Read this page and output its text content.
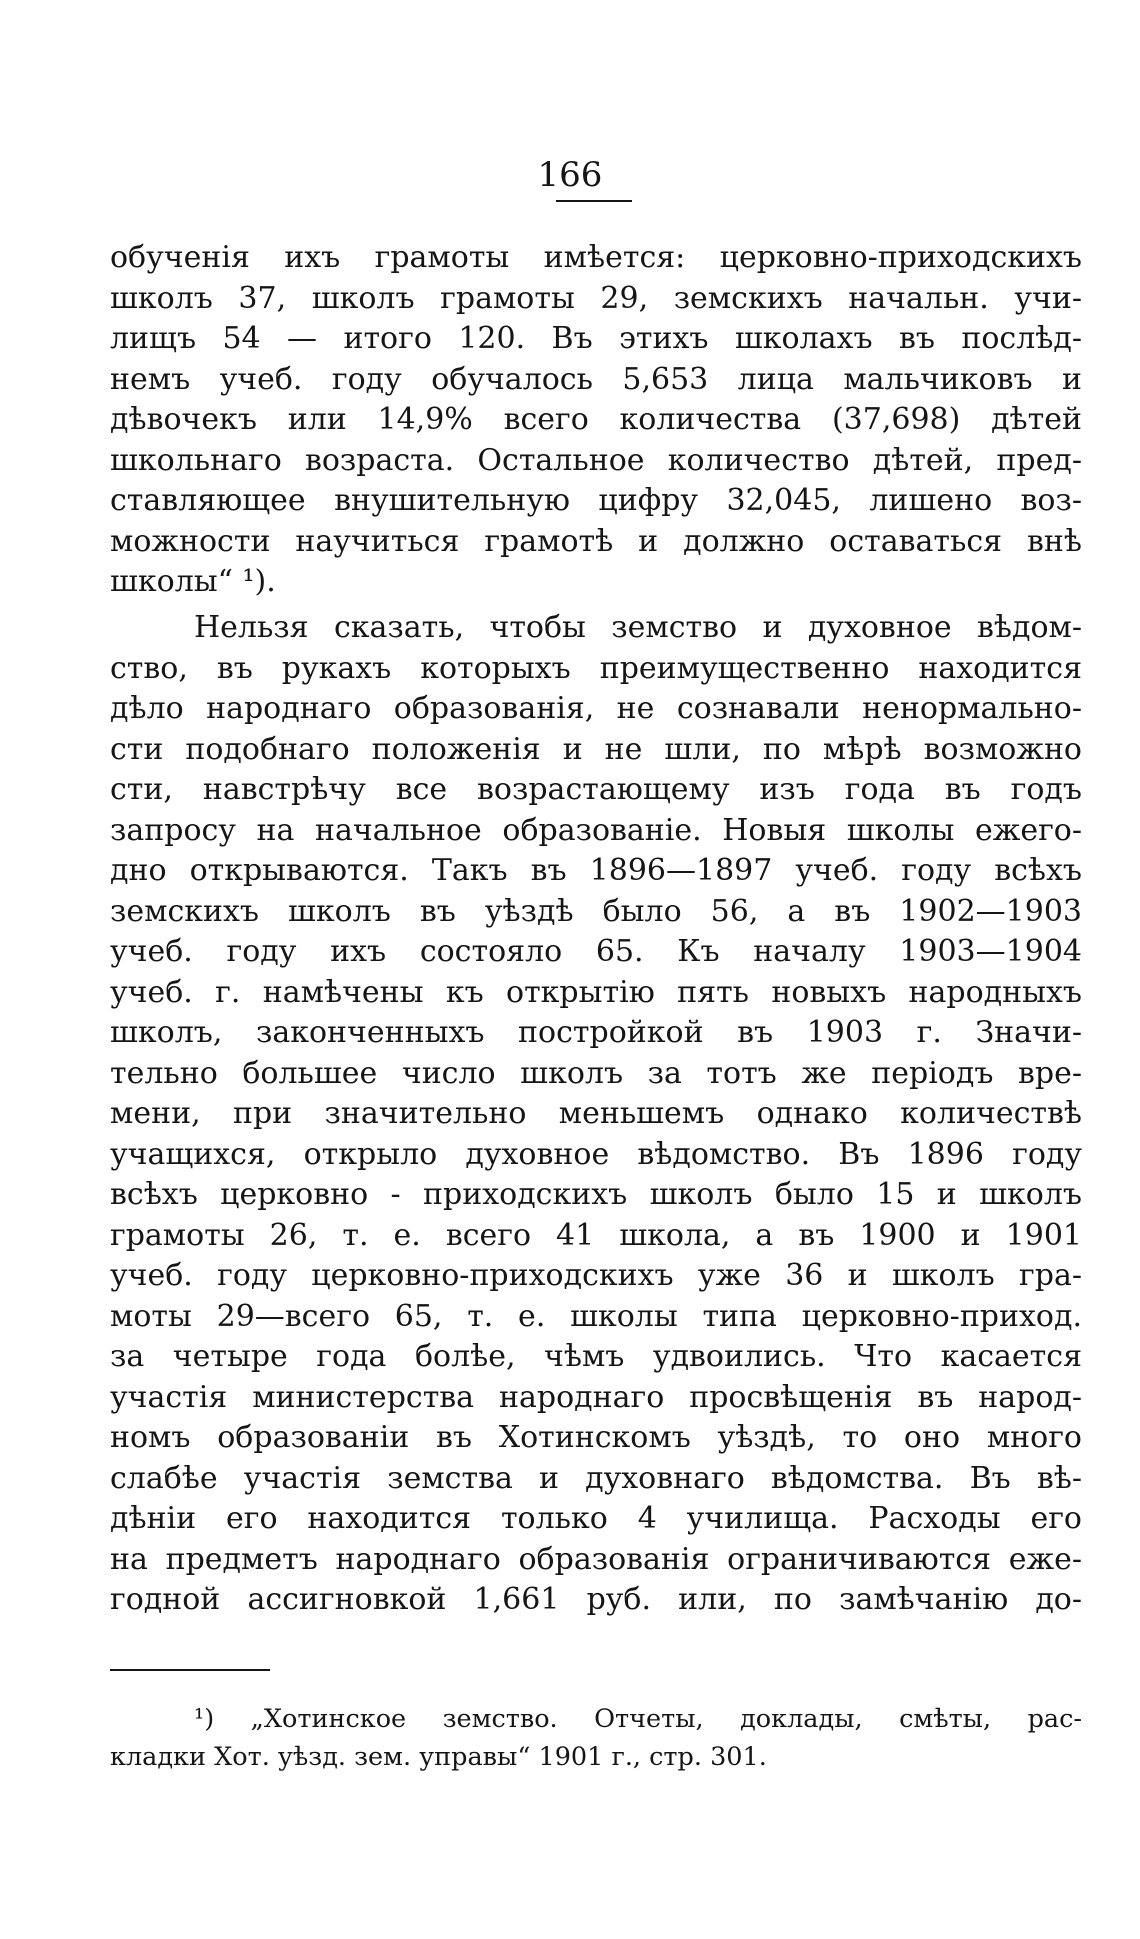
166
обученія ихъ грамоты имѣется: церковно-приходскихъ
школъ 37, школъ грамоты 29, земскихъ начальн. учи-
лищъ 54 — итого 120. Въ этихъ школахъ въ послѣд-
немъ учеб. году обучалось 5,653 лица мальчиковъ и
дѣвочекъ или 14,9% всего количества (37,698) дѣтей
школьнаго возраста. Остальное количество дѣтей, пред-
ставляющее внушительную цифру 32,045, лишено воз-
можности научиться грамотѣ и должно оставаться внѣ
школы“ ¹).
Нельзя сказать, чтобы земство и духовное вѣдом-
ство, въ рукахъ которыхъ преимущественно находится
дѣло народнаго образованія, не сознавали ненормально-
сти подобнаго положенія и не шли, по мѣрѣ возможно
сти, навстрѣчу все возрастающему изъ года въ годъ
запросу на начальное образованіе. Новыя школы ежего-
дно открываются. Такъ въ 1896—1897 учеб. году всѣхъ
земскихъ школъ въ уѣздѣ было 56, а въ 1902—1903
учеб. году ихъ состояло 65. Къ началу 1903—1904
учеб. г. намѣчены къ открытію пять новыхъ народныхъ
школъ, законченныхъ постройкой въ 1903 г. Значи-
тельно большее число школъ за тотъ же періодъ вре-
мени, при значительно меньшемъ однако количествѣ
учащихся, открыло духовное вѣдомство. Въ 1896 году
всѣхъ церковно - приходскихъ школъ было 15 и школъ
грамоты 26, т. е. всего 41 школа, а въ 1900 и 1901
учеб. году церковно-приходскихъ уже 36 и школъ гра-
моты 29—всего 65, т. е. школы типа церковно-приход.
за четыре года болѣе, чѣмъ удвоились. Что касается
участія министерства народнаго просвѣщенія въ народ-
номъ образованіи въ Хотинскомъ уѣздѣ, то оно много
слабѣе участія земства и духовнаго вѣдомства. Въ вѣ-
дѣніи его находится только 4 училища. Расходы его
на предметъ народнаго образованія ограничиваются еже-
годной ассигновкой 1,661 руб. или, по замѣчанію до-
¹) „Хотинское земство. Отчеты, доклады, смѣты, рас-
кладки Хот. уѣзд. зем. управы“ 1901 г., стр. 301.
